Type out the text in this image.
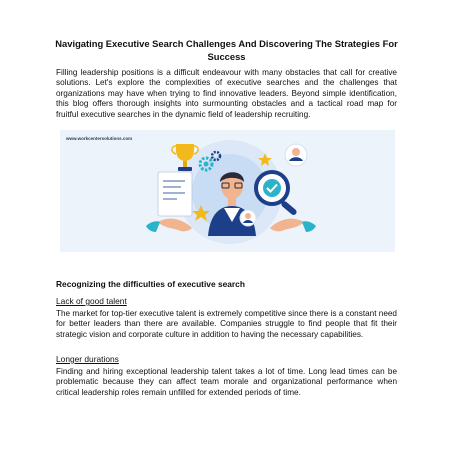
Navigating Executive Search Challenges And Discovering The Strategies For Success
Filling leadership positions is a difficult endeavour with many obstacles that call for creative solutions. Let's explore the complexities of executive searches and the challenges that organizations may have when trying to find innovative leaders. Beyond simple identification, this blog offers thorough insights into surmounting obstacles and a tactical road map for fruitful executive searches in the dynamic field of leadership recruiting.
www.workcentersolutions.com
Recognizing the difficulties of executive search
Lack of good talent
The market for top-tier executive talent is extremely competitive since there is a constant need for better leaders than there are available. Companies struggle to find people that fit their strategic vision and corporate culture in addition to having the necessary capabilities.
Longer durations
Finding and hiring exceptional leadership talent takes a lot of time. Long lead times can be problematic because they can affect team morale and organizational performance when critical leadership roles remain unfilled for extended periods of time.
